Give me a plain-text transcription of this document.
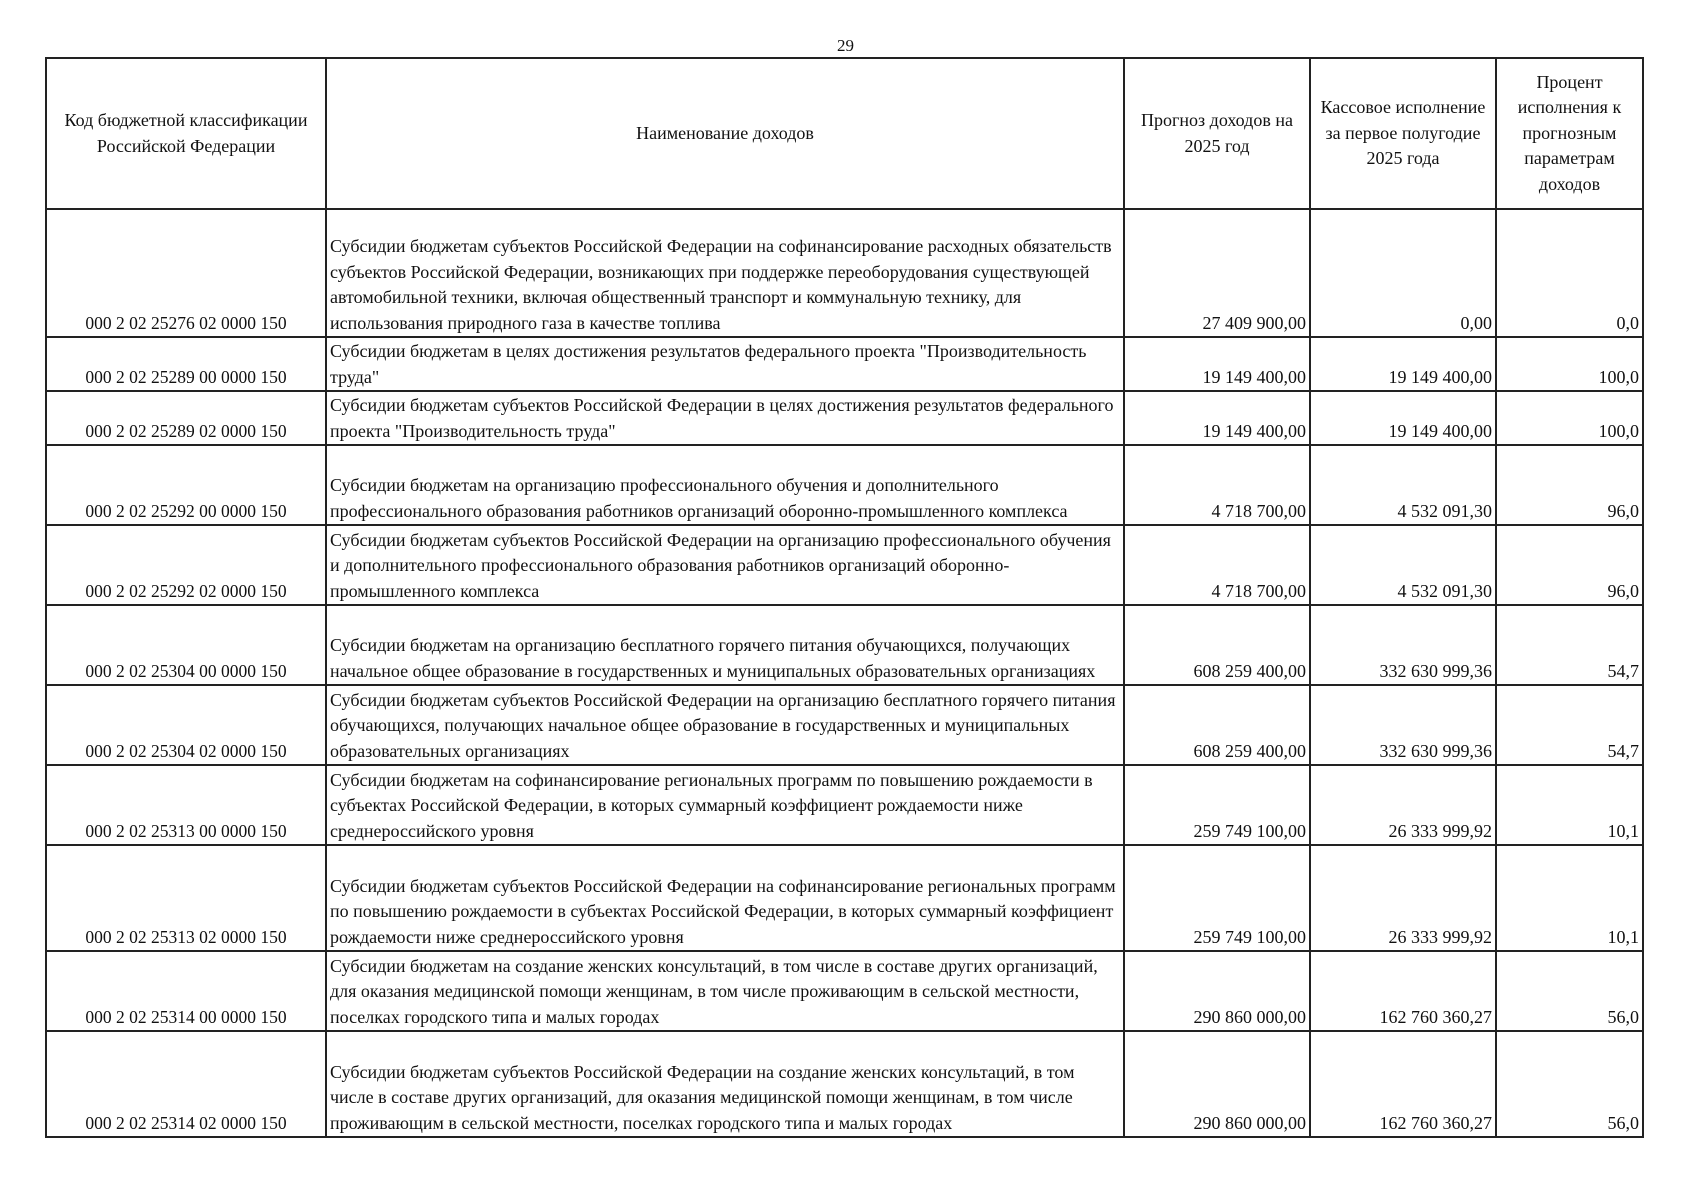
29
Код бюджетной классификации Российской Федерации	Наименование доходов	Прогноз доходов на 2025 год	Кассовое исполнение за первое полугодие 2025 года	Процент исполнения к прогнозным параметрам доходов
000 2 02 25276 02 0000 150	Субсидии бюджетам субъектов Российской Федерации на софинансирование расходных обязательств субъектов Российской Федерации, возникающих при поддержке переоборудования существующей автомобильной техники, включая общественный транспорт и коммунальную технику, для использования природного газа в качестве топлива	27 409 900,00	0,00	0,0
000 2 02 25289 00 0000 150	Субсидии бюджетам в целях достижения результатов федерального проекта "Производительность труда"	19 149 400,00	19 149 400,00	100,0
000 2 02 25289 02 0000 150	Субсидии бюджетам субъектов Российской Федерации в целях достижения результатов федерального проекта "Производительность труда"	19 149 400,00	19 149 400,00	100,0
000 2 02 25292 00 0000 150	Субсидии бюджетам на организацию профессионального обучения и дополнительного профессионального образования работников организаций оборонно-промышленного комплекса	4 718 700,00	4 532 091,30	96,0
000 2 02 25292 02 0000 150	Субсидии бюджетам субъектов Российской Федерации на организацию профессионального обучения и дополнительного профессионального образования работников организаций оборонно-промышленного комплекса	4 718 700,00	4 532 091,30	96,0
000 2 02 25304 00 0000 150	Субсидии бюджетам на организацию бесплатного горячего питания обучающихся, получающих начальное общее образование в государственных и муниципальных образовательных организациях	608 259 400,00	332 630 999,36	54,7
000 2 02 25304 02 0000 150	Субсидии бюджетам субъектов Российской Федерации на организацию бесплатного горячего питания обучающихся, получающих начальное общее образование в государственных и муниципальных образовательных организациях	608 259 400,00	332 630 999,36	54,7
000 2 02 25313 00 0000 150	Субсидии бюджетам на софинансирование региональных программ по повышению рождаемости в субъектах Российской Федерации, в которых суммарный коэффициент рождаемости ниже среднероссийского уровня	259 749 100,00	26 333 999,92	10,1
000 2 02 25313 02 0000 150	Субсидии бюджетам субъектов Российской Федерации на софинансирование региональных программ по повышению рождаемости в субъектах Российской Федерации, в которых суммарный коэффициент рождаемости ниже среднероссийского уровня	259 749 100,00	26 333 999,92	10,1
000 2 02 25314 00 0000 150	Субсидии бюджетам на создание женских консультаций, в том числе в составе других организаций, для оказания медицинской помощи женщинам, в том числе проживающим в сельской местности, поселках городского типа и малых городах	290 860 000,00	162 760 360,27	56,0
000 2 02 25314 02 0000 150	Субсидии бюджетам субъектов Российской Федерации на создание женских консультаций, в том числе в составе других организаций, для оказания медицинской помощи женщинам, в том числе проживающим в сельской местности, поселках городского типа и малых городах	290 860 000,00	162 760 360,27	56,0
